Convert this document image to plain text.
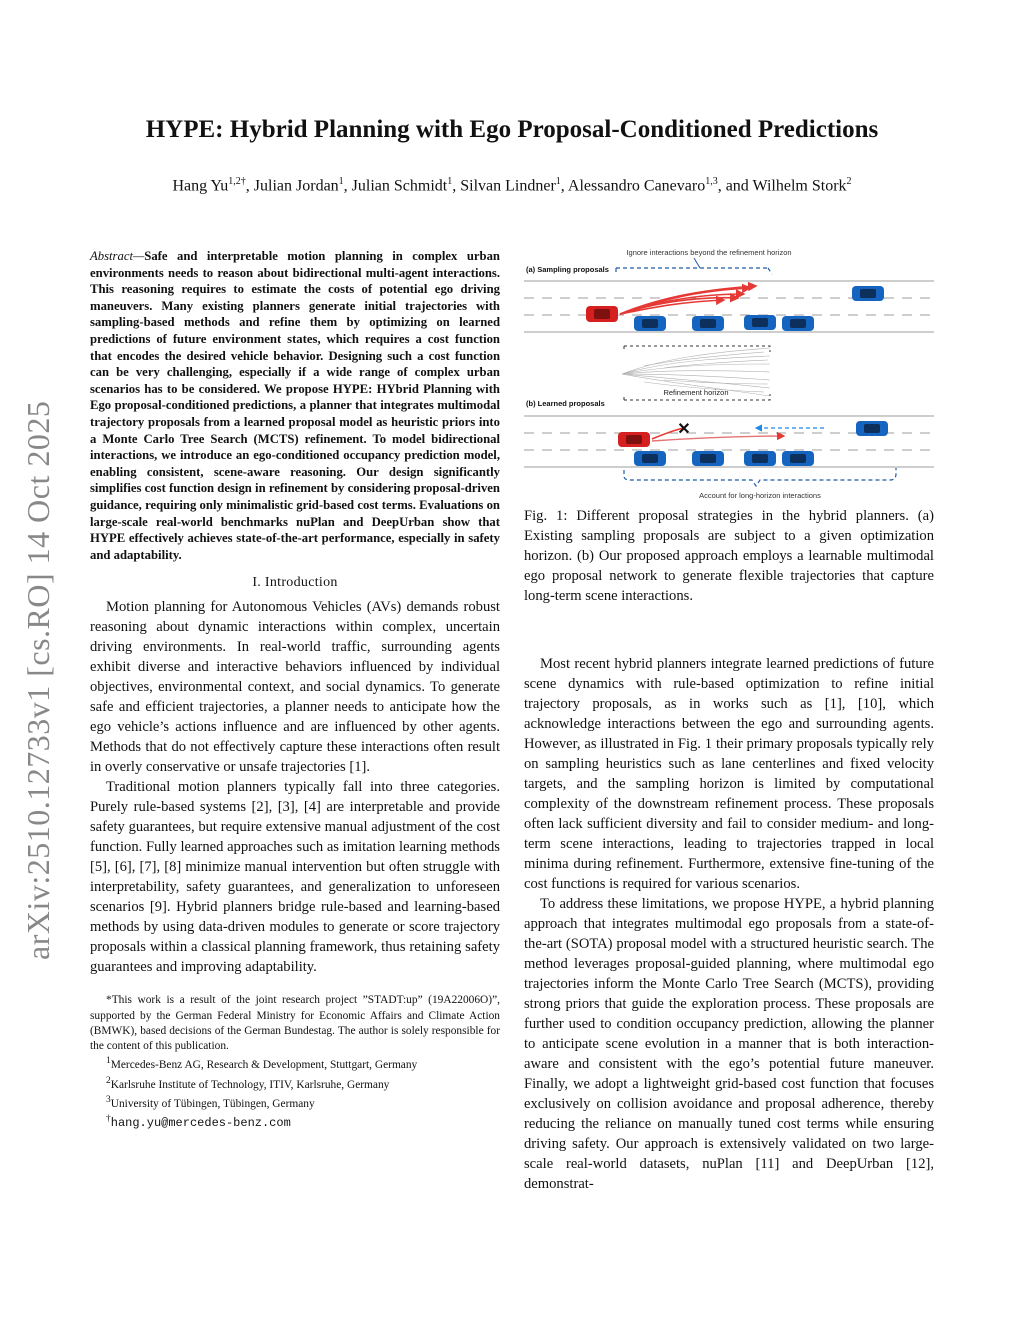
arXiv:2510.12733v1 [cs.RO] 14 Oct 2025
HYPE: Hybrid Planning with Ego Proposal-Conditioned Predictions
Hang $Yu^{1,2\dagger}$, Julian Jordan$^1$, Julian Schmidt$^1$, Silvan Lindner$^1$, Alessandro Canevaro$^{1,3}$, and Wilhelm Stork$^2$

Abstract—Safe and interpretable motion planning in complex urban environments needs to reason about bidirectional multi-agent interactions. This reasoning requires to estimate the costs of potential ego driving maneuvers. Many existing planners generate initial trajectories with sampling-based methods and refine them by optimizing on learned predictions of future environment states, which requires a cost function that encodes the desired vehicle behavior. Designing such a cost function can be very challenging, especially if a wide range of complex urban scenarios has to be considered. We propose HYPE: HYbrid Planning with Ego proposal-conditioned predictions, a planner that integrates multimodal trajectory proposals from a learned proposal model as heuristic priors into a Monte Carlo Tree Search (MCTS) refinement. To model bidirectional interactions, we introduce an ego-conditioned occupancy prediction model, enabling consistent, scene-aware reasoning. Our design significantly simplifies cost function design in refinement by considering proposal-driven guidance, requiring only minimalistic grid-based cost terms. Evaluations on large-scale real-world benchmarks nuPlan and DeepUrban show that HYPE effectively achieves state-of-the-art performance, especially in safety and adaptability.

I. Introduction

Motion planning for Autonomous Vehicles (AVs) demands robust reasoning about dynamic interactions within complex, uncertain driving environments. In real-world traffic, surrounding agents exhibit diverse and interactive behaviors influenced by individual objectives, environmental context, and social dynamics. To generate safe and efficient trajectories, a planner needs to anticipate how the ego vehicle’s actions influence and are influenced by other agents. Methods that do not effectively capture these interactions often result in overly conservative or unsafe trajectories [1].

Traditional motion planners typically fall into three categories. Purely rule-based systems [2], [3], [4] are interpretable and provide safety guarantees, but require extensive manual adjustment of the cost function. Fully learned approaches such as imitation learning methods [5], [6], [7], [8] minimize manual intervention but often struggle with interpretability, safety guarantees, and generalization to unforeseen scenarios [9]. Hybrid planners bridge rule-based and learning-based methods by using data-driven modules to generate or score trajectory proposals within a classical planning framework, thus retaining safety guarantees and improving adaptability.

*This work is a result of the joint research project ”STADT:up” (19A22006O)”, supported by the German Federal Ministry for Economic Affairs and Climate Action (BMWK), based decisions of the German Bundestag. The author is solely responsible for the content of this publication.

$^1$Mercedes-Benz AG, Research & Development, Stuttgart, Germany

$^2$Karlsruhe Institute of Technology, ITIV, Karlsruhe, Germany

$^3$University of Tübingen, Tübingen, Germany

†hang.yu@mercedes-benz.com

Ignore interactions beyond the refinement horizon
(a) Sampling proposals
Refinement horizon
(b) Learned proposals
✕
Account for long-horizon interactions

Fig. 1: Different proposal strategies in the hybrid planners. (a) Existing sampling proposals are subject to a given optimization horizon. (b) Our proposed approach employs a learnable multimodal ego proposal network to generate flexible trajectories that capture long-term scene interactions.

Most recent hybrid planners integrate learned predictions of future scene dynamics with rule-based optimization to refine initial trajectory proposals, as in works such as [1], [10], which acknowledge interactions between the ego and surrounding agents. However, as illustrated in Fig. 1 their primary proposals typically rely on sampling heuristics such as lane centerlines and fixed velocity targets, and the sampling horizon is limited by computational complexity of the downstream refinement process. These proposals often lack sufficient diversity and fail to consider medium- and long-term scene interactions, leading to trajectories trapped in local minima during refinement. Furthermore, extensive fine-tuning of the cost functions is required for various scenarios.

To address these limitations, we propose HYPE, a hybrid planning approach that integrates multimodal ego proposals from a state-of-the-art (SOTA) proposal model with a structured heuristic search. The method leverages proposal-guided planning, where multimodal ego trajectories inform the Monte Carlo Tree Search (MCTS), providing strong priors that guide the exploration process. These proposals are further used to condition occupancy prediction, allowing the planner to anticipate scene evolution in a manner that is both interaction-aware and consistent with the ego’s potential future maneuver. Finally, we adopt a lightweight grid-based cost function that focuses exclusively on collision avoidance and proposal adherence, thereby reducing the reliance on manually tuned cost terms while ensuring driving safety. Our approach is extensively validated on two large-scale real-world datasets, nuPlan [11] and DeepUrban [12], demonstrat-
